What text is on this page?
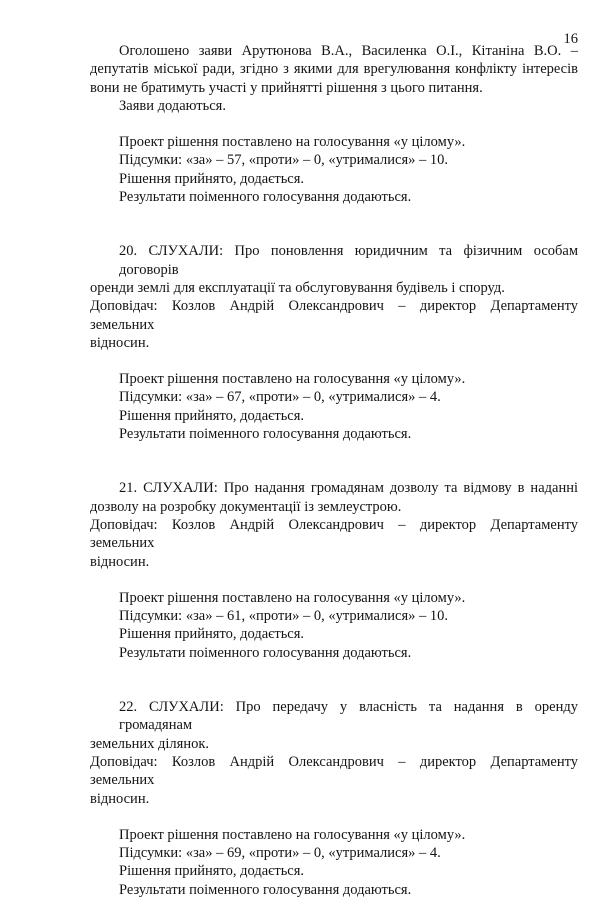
16

Оголошено заяви Арутюнова В.А., Василенка О.І., Кітаніна В.О. –
депутатів міської ради, згідно з якими для врегулювання конфлікту інтересів
вони не братимуть участі у прийнятті рішення з цього питання.

Заяви додаються.

Проект рішення поставлено на голосування «у цілому».
Підсумки: «за» – 57, «проти» – 0, «утрималися» – 10.
Рішення прийнято, додається.
Результати поіменного голосування додаються.

20. СЛУХАЛИ: Про поновлення юридичним та фізичним особам договорів
оренди землі для експлуатації та обслуговування будівель і споруд.

Доповідач: Козлов Андрій Олександрович – директор Департаменту земельних
відносин.

Проект рішення поставлено на голосування «у цілому».
Підсумки: «за» – 67, «проти» – 0, «утрималися» – 4.
Рішення прийнято, додається.
Результати поіменного голосування додаються.

21. СЛУХАЛИ: Про надання громадянам дозволу та відмову в наданні
дозволу на розробку документації із землеустрою.

Доповідач: Козлов Андрій Олександрович – директор Департаменту земельних
відносин.

Проект рішення поставлено на голосування «у цілому».
Підсумки: «за» – 61, «проти» – 0, «утрималися» – 10.
Рішення прийнято, додається.
Результати поіменного голосування додаються.

22. СЛУХАЛИ: Про передачу у власність та надання в оренду громадянам
земельних ділянок.

Доповідач: Козлов Андрій Олександрович – директор Департаменту земельних
відносин.

Проект рішення поставлено на голосування «у цілому».
Підсумки: «за» – 69, «проти» – 0, «утрималися» – 4.
Рішення прийнято, додається.
Результати поіменного голосування додаються.
